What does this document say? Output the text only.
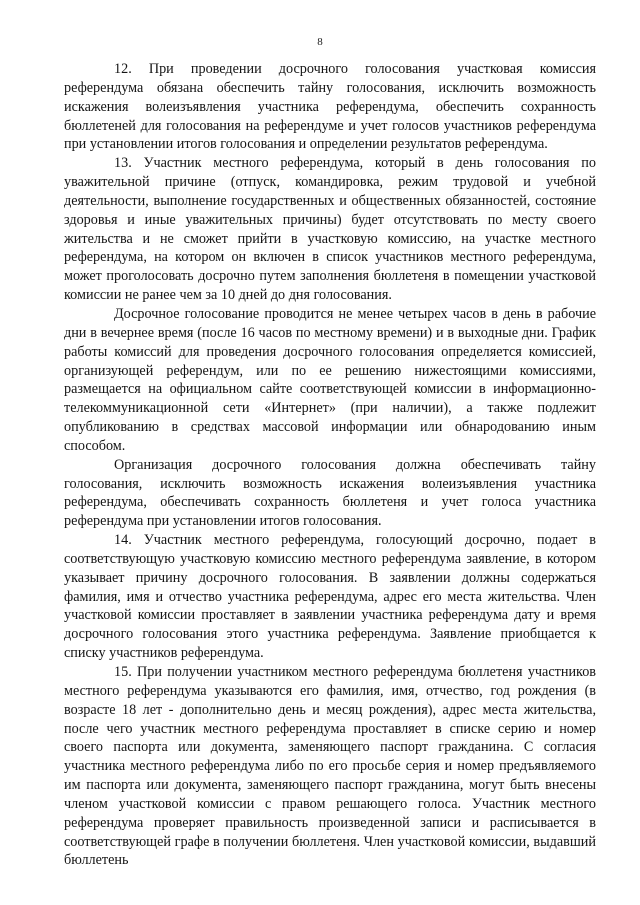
8

12. При проведении досрочного голосования участковая комиссия референдума обязана обеспечить тайну голосования, исключить возможность искажения волеизъявления участника референдума, обеспечить сохранность бюллетеней для голосования на референдуме и учет голосов участников референдума при установлении итогов голосования и определении результатов референдума.

13. Участник местного референдума, который в день голосования по уважительной причине (отпуск, командировка, режим трудовой и учебной деятельности, выполнение государственных и общественных обязанностей, состояние здоровья и иные уважительных причины) будет отсутствовать по месту своего жительства и не сможет прийти в участковую комиссию, на участке местного референдума, на котором он включен в список участников местного референдума, может проголосовать досрочно путем заполнения бюллетеня в помещении участковой комиссии не ранее чем за 10 дней до дня голосования.

Досрочное голосование проводится не менее четырех часов в день в рабочие дни в вечернее время (после 16 часов по местному времени) и в выходные дни. График работы комиссий для проведения досрочного голосования определяется комиссией, организующей референдум, или по ее решению нижестоящими комиссиями, размещается на официальном сайте соответствующей комиссии в информационно-телекоммуникационной сети «Интернет» (при наличии), а также подлежит опубликованию в средствах массовой информации или обнародованию иным способом.

Организация досрочного голосования должна обеспечивать тайну голосования, исключить возможность искажения волеизъявления участника референдума, обеспечивать сохранность бюллетеня и учет голоса участника референдума при установлении итогов голосования.

14. Участник местного референдума, голосующий досрочно, подает в соответствующую участковую комиссию местного референдума заявление, в котором указывает причину досрочного голосования. В заявлении должны содержаться фамилия, имя и отчество участника референдума, адрес его места жительства. Член участковой комиссии проставляет в заявлении участника референдума дату и время досрочного голосования этого участника референдума. Заявление приобщается к списку участников референдума.

15. При получении участником местного референдума бюллетеня участников местного референдума указываются его фамилия, имя, отчество, год рождения (в возрасте 18 лет - дополнительно день и месяц рождения), адрес места жительства, после чего участник местного референдума проставляет в списке серию и номер своего паспорта или документа, заменяющего паспорт гражданина. С согласия участника местного референдума либо по его просьбе серия и номер предъявляемого им паспорта или документа, заменяющего паспорт гражданина, могут быть внесены членом участковой комиссии с правом решающего голоса. Участник местного референдума проверяет правильность произведенной записи и расписывается в соответствующей графе в получении бюллетеня. Член участковой комиссии, выдавший бюллетень
